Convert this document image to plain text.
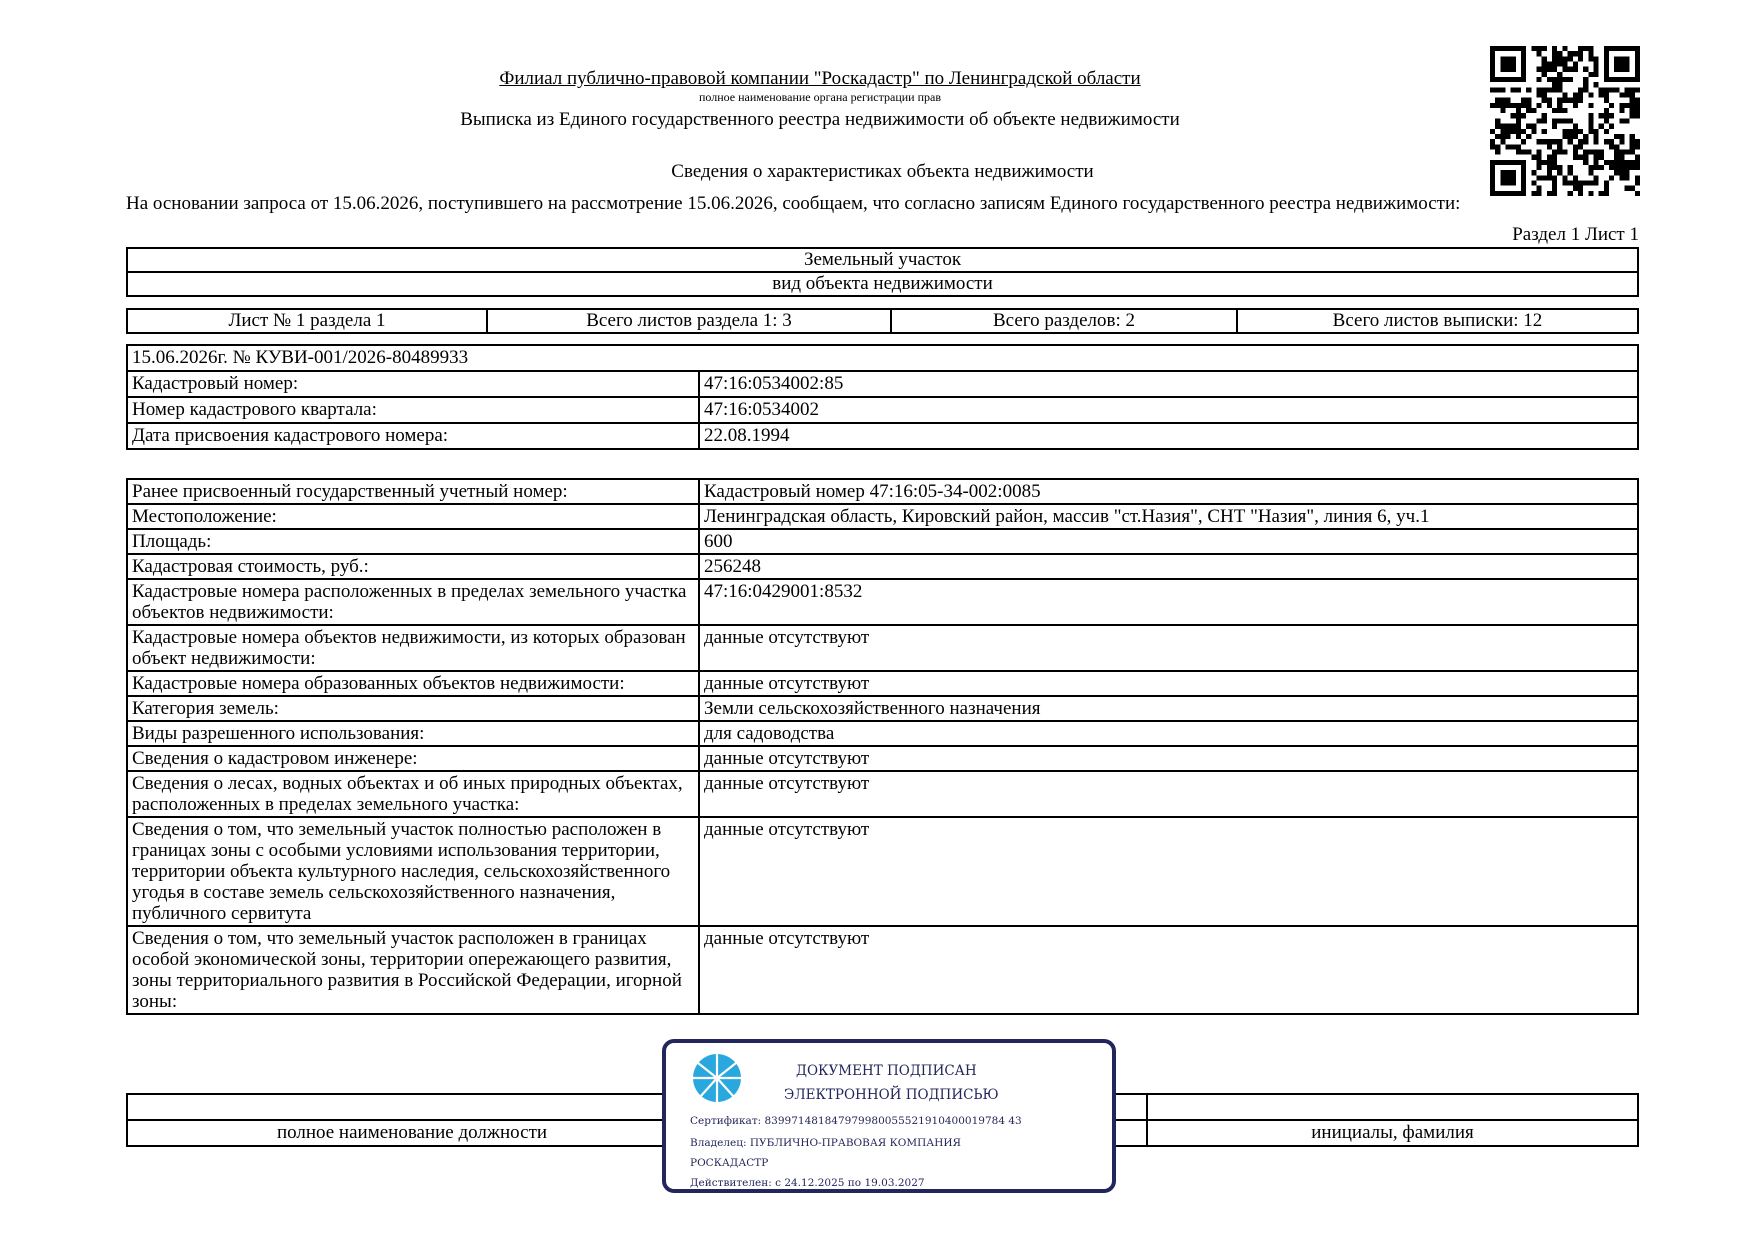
Филиал публично-правовой компании "Роскадастр" по Ленинградской области
полное наименование органа регистрации прав
Выписка из Единого государственного реестра недвижимости об объекте недвижимости
Сведения о характеристиках объекта недвижимости
На основании запроса от 15.06.2026, поступившего на рассмотрение 15.06.2026, сообщаем, что согласно записям Единого государственного реестра недвижимости:
Раздел 1 Лист 1
Земельный участок
вид объекта недвижимости
Лист № 1 раздела 1	Всего листов раздела 1: 3	Всего разделов: 2	Всего листов выписки: 12
15.06.2026г. № КУВИ-001/2026-80489933	
Кадастровый номер:	47:16:0534002:85
Номер кадастрового квартала:	47:16:0534002
Дата присвоения кадастрового номера:	22.08.1994
Ранее присвоенный государственный учетный номер:	Кадастровый номер 47:16:05-34-002:0085
Местоположение:	Ленинградская область, Кировский район, массив "ст.Назия", СНТ "Назия", линия 6, уч.1
Площадь:	600
Кадастровая стоимость, руб.:	256248
Кадастровые номера расположенных в пределах земельного участка объектов недвижимости:	47:16:0429001:8532
Кадастровые номера объектов недвижимости, из которых образован объект недвижимости:	данные отсутствуют
Кадастровые номера образованных объектов недвижимости:	данные отсутствуют
Категория земель:	Земли сельскохозяйственного назначения
Виды разрешенного использования:	для садоводства
Сведения о кадастровом инженере:	данные отсутствуют
Сведения о лесах, водных объектах и об иных природных объектах, расположенных в пределах земельного участка:	данные отсутствуют
Сведения о том, что земельный участок полностью расположен в границах зоны с особыми условиями использования территории, территории объекта культурного наследия, сельскохозяйственного угодья в составе земель сельскохозяйственного назначения, публичного сервитута	данные отсутствуют
Сведения о том, что земельный участок расположен в границах особой экономической зоны, территории опережающего развития, зоны территориального развития в Российской Федерации, игорной зоны:	данные отсутствуют

полное наименование должности		инициалы, фамилия
ДОКУМЕНТ ПОДПИСАН
ЭЛЕКТРОННОЙ ПОДПИСЬЮ
Сертификат: 839971481847979980055521910400019784 43
Владелец: ПУБЛИЧНО-ПРАВОВАЯ КОМПАНИЯ
РОСКАДАСТР
Действителен: с 24.12.2025 по 19.03.2027
